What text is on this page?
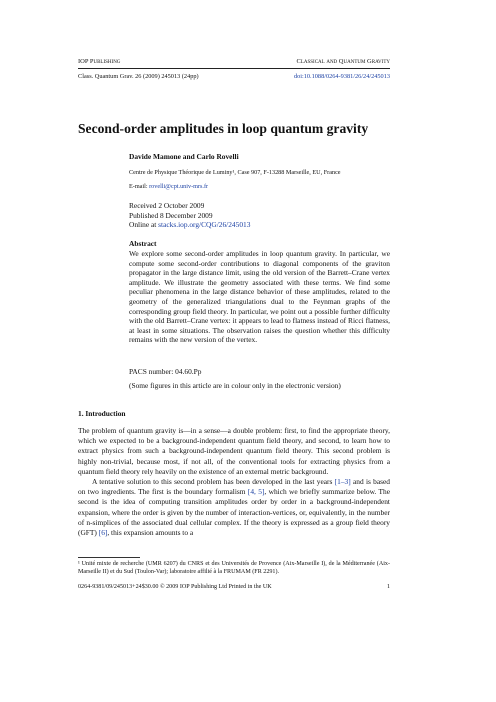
IOP Publishing	Classical and Quantum Gravity
Class. Quantum Grav. 26 (2009) 245013 (24pp)	doi:10.1088/0264-9381/26/24/245013
Second-order amplitudes in loop quantum gravity
Davide Mamone and Carlo Rovelli
Centre de Physique Théorique de Luminy¹, Case 907, F-13288 Marseille, EU, France
E-mail: rovelli@cpt.univ-mrs.fr
Received 2 October 2009
Published 8 December 2009
Online at stacks.iop.org/CQG/26/245013
Abstract
We explore some second-order amplitudes in loop quantum gravity. In particular, we compute some second-order contributions to diagonal components of the graviton propagator in the large distance limit, using the old version of the Barrett–Crane vertex amplitude. We illustrate the geometry associated with these terms. We find some peculiar phenomena in the large distance behavior of these amplitudes, related to the geometry of the generalized triangulations dual to the Feynman graphs of the corresponding group field theory. In particular, we point out a possible further difficulty with the old Barrett–Crane vertex: it appears to lead to flatness instead of Ricci flatness, at least in some situations. The observation raises the question whether this difficulty remains with the new version of the vertex.
PACS number: 04.60.Pp
(Some figures in this article are in colour only in the electronic version)
1. Introduction

The problem of quantum gravity is—in a sense—a double problem: first, to find the appropriate theory, which we expected to be a background-independent quantum field theory, and second, to learn how to extract physics from such a background-independent quantum field theory. This second problem is highly non-trivial, because most, if not all, of the conventional tools for extracting physics from a quantum field theory rely heavily on the existence of an external metric background.

A tentative solution to this second problem has been developed in the last years [1–3] and is based on two ingredients. The first is the boundary formalism [4, 5], which we briefly summarize below. The second is the idea of computing transition amplitudes order by order in a background-independent expansion, where the order is given by the number of interaction-vertices, or, equivalently, in the number of n-simplices of the associated dual cellular complex. If the theory is expressed as a group field theory (GFT) [6], this expansion amounts to a

¹ Unité mixte de recherche (UMR 6207) du CNRS et des Universités de Provence (Aix-Marseille I), de la Méditerranée (Aix-Marseille II) et du Sud (Toulon-Var); laboratoire affilié à la FRUMAM (FR 2291).
0264-9381/09/245013+24$30.00 © 2009 IOP Publishing Ltd Printed in the UK	1
